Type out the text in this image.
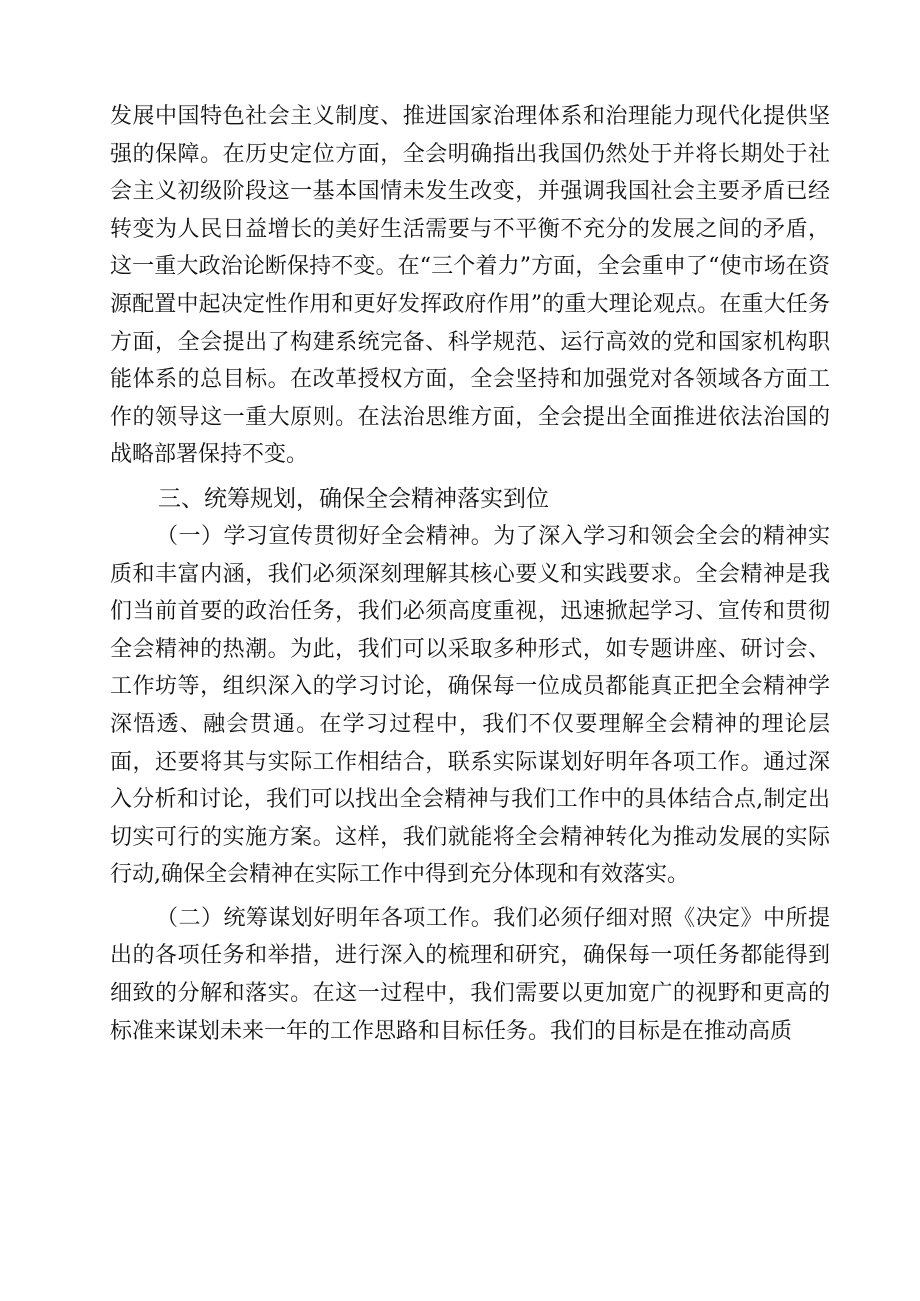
发展中国特色社会主义制度、推进国家治理体系和治理能力现代化提供坚强的保障。在历史定位方面，全会明确指出我国仍然处于并将长期处于社会主义初级阶段这一基本国情未发生改变，并强调我国社会主要矛盾已经转变为人民日益增长的美好生活需要与不平衡不充分的发展之间的矛盾，这一重大政治论断保持不变。在“三个着力”方面，全会重申了“使市场在资源配置中起决定性作用和更好发挥政府作用”的重大理论观点。在重大任务方面，全会提出了构建系统完备、科学规范、运行高效的党和国家机构职能体系的总目标。在改革授权方面，全会坚持和加强党对各领域各方面工作的领导这一重大原则。在法治思维方面，全会提出全面推进依法治国的战略部署保持不变。

三、统筹规划，确保全会精神落实到位

（一）学习宣传贯彻好全会精神。为了深入学习和领会全会的精神实质和丰富内涵，我们必须深刻理解其核心要义和实践要求。全会精神是我们当前首要的政治任务，我们必须高度重视，迅速掀起学习、宣传和贯彻全会精神的热潮。为此，我们可以采取多种形式，如专题讲座、研讨会、工作坊等，组织深入的学习讨论，确保每一位成员都能真正把全会精神学深悟透、融会贯通。在学习过程中，我们不仅要理解全会精神的理论层面，还要将其与实际工作相结合，联系实际谋划好明年各项工作。通过深入分析和讨论，我们可以找出全会精神与我们工作中的具体结合点,制定出切实可行的实施方案。这样，我们就能将全会精神转化为推动发展的实际行动,确保全会精神在实际工作中得到充分体现和有效落实。

（二）统筹谋划好明年各项工作。我们必须仔细对照《决定》中所提出的各项任务和举措，进行深入的梳理和研究，确保每一项任务都能得到细致的分解和落实。在这一过程中，我们需要以更加宽广的视野和更高的标准来谋划未来一年的工作思路和目标任务。我们的目标是在推动高质
